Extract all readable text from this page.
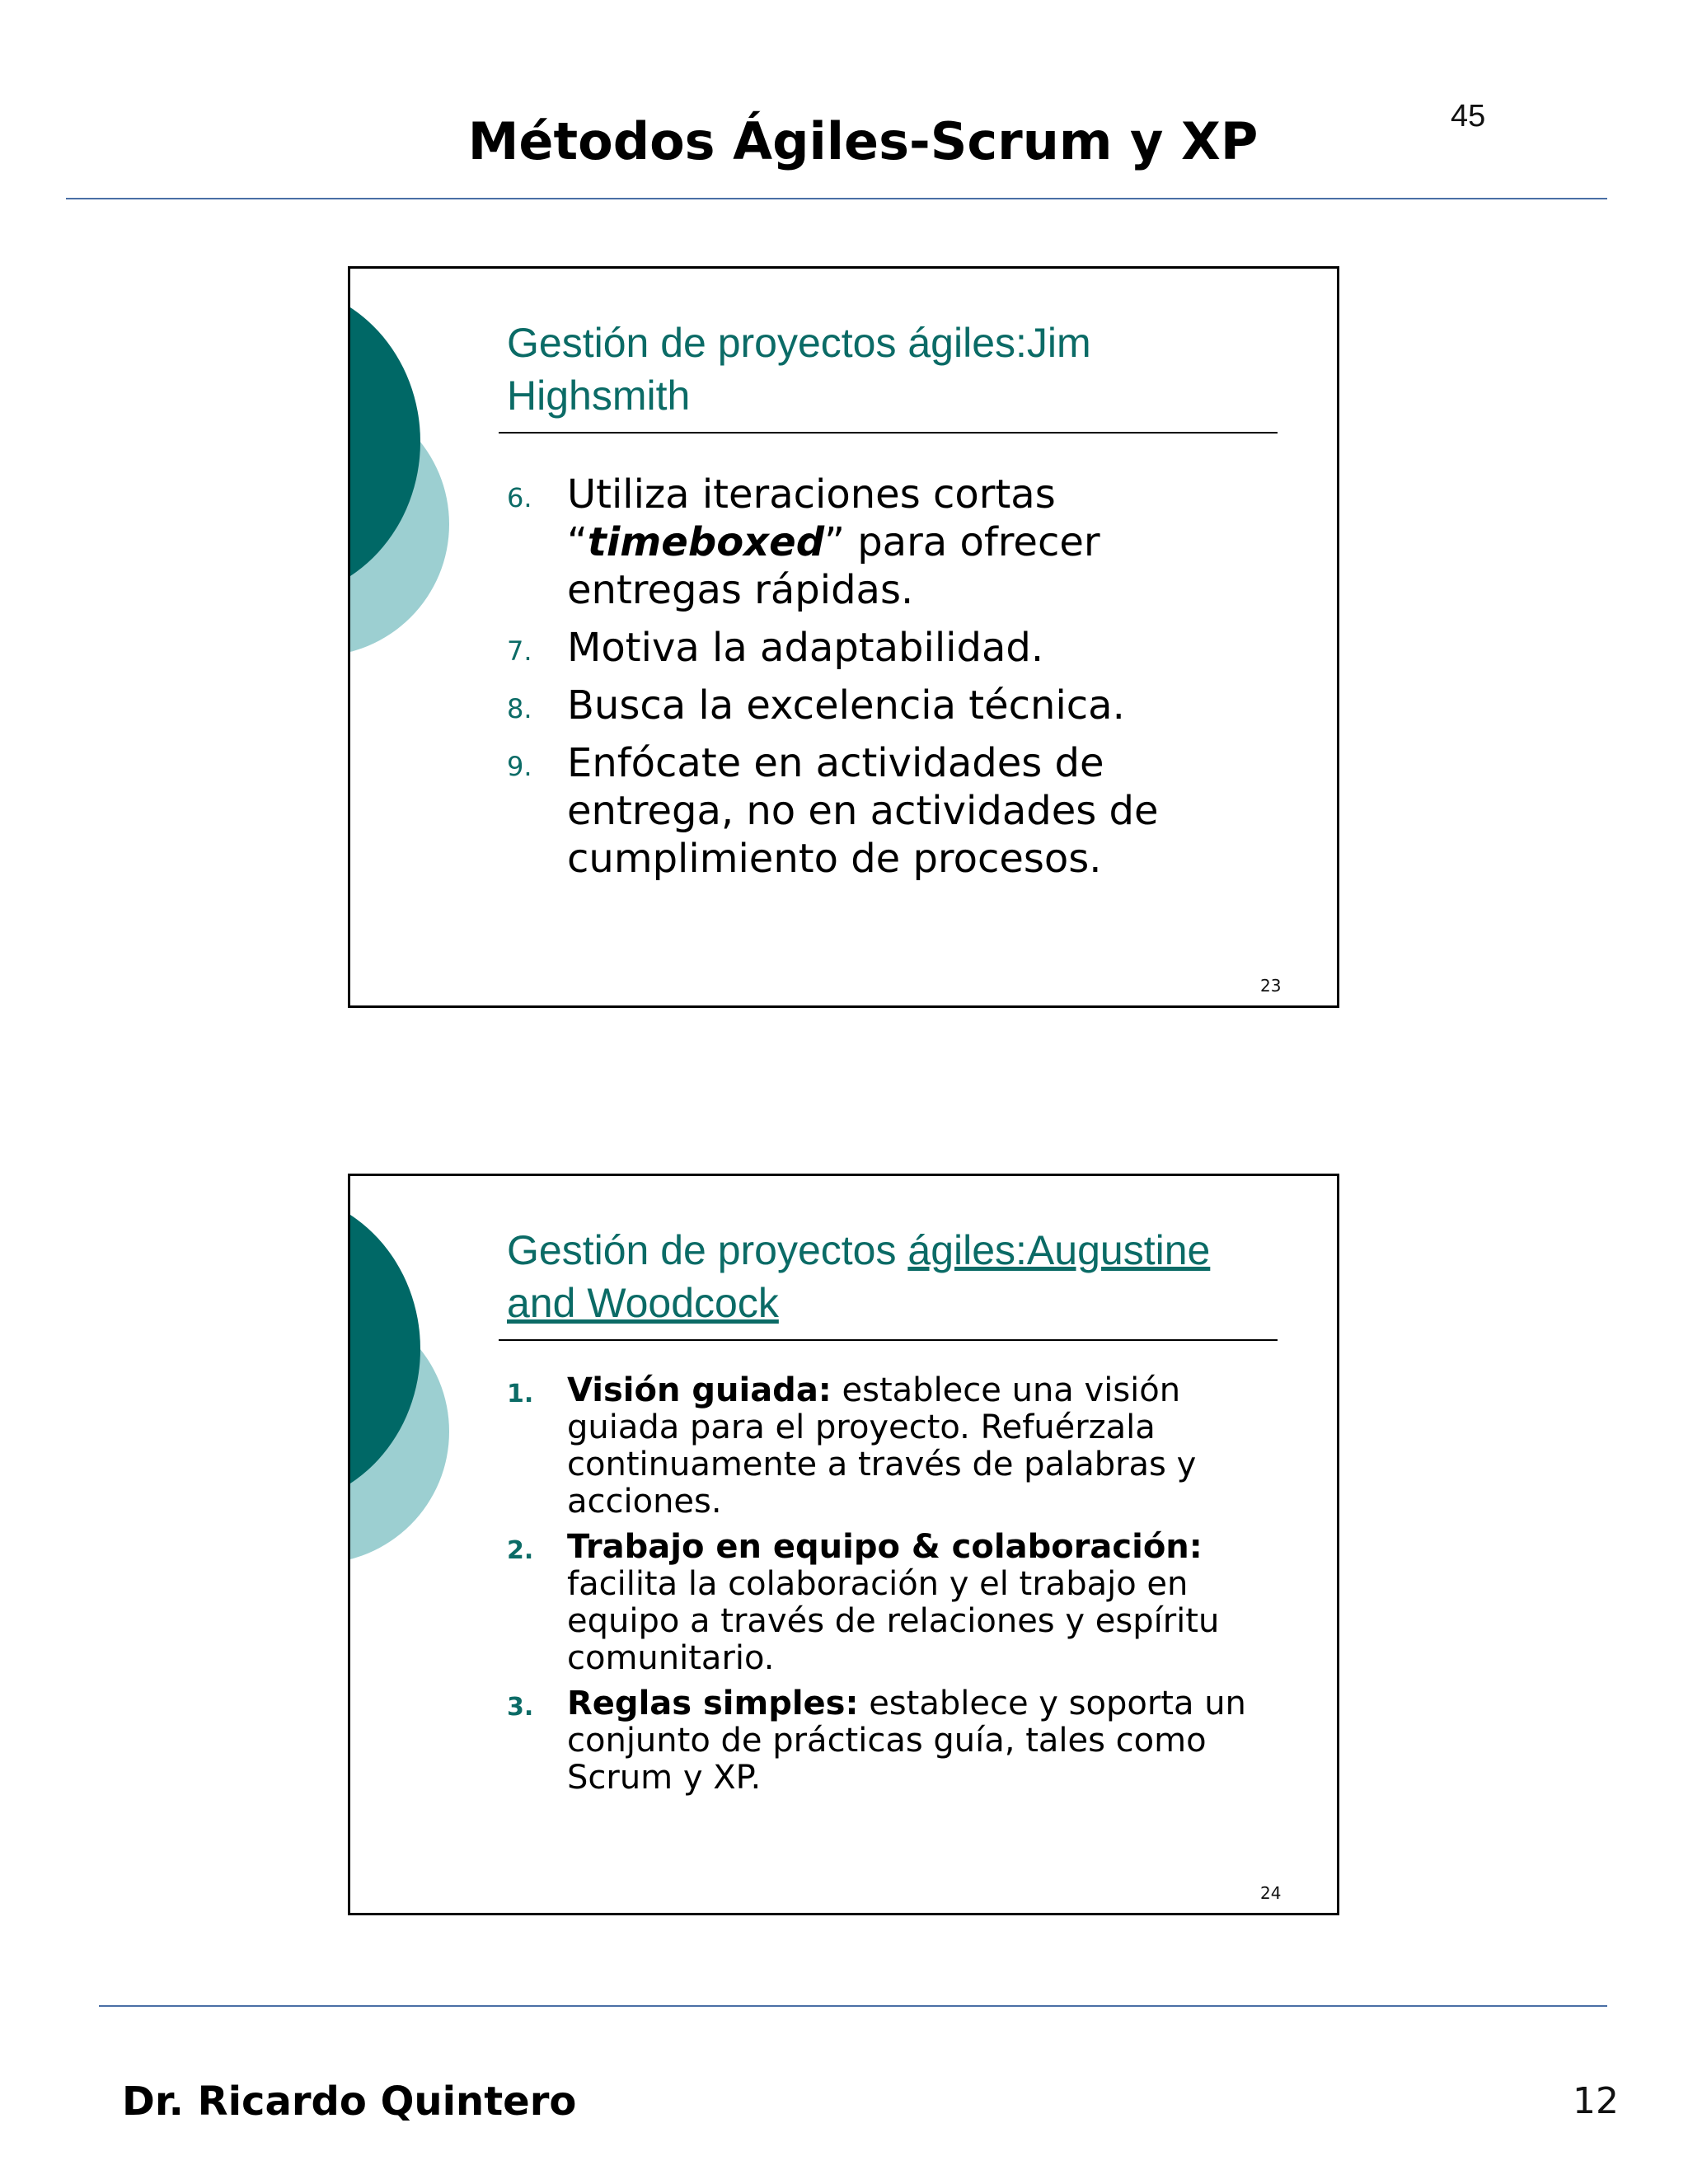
45
Métodos Ágiles-Scrum y XP
Gestión de proyectos ágiles:Jim Highsmith
6. Utiliza iteraciones cortas “timeboxed” para ofrecer entregas rápidas.
7. Motiva la adaptabilidad.
8. Busca la excelencia técnica.
9. Enfócate en actividades de entrega, no en actividades de cumplimiento de procesos.
23
Gestión de proyectos ágiles:Augustine and Woodcock
1. Visión guiada: establece una visión guiada para el proyecto. Refuérzala continuamente a través de palabras y acciones.
2. Trabajo en equipo & colaboración: facilita la colaboración y el trabajo en equipo a través de relaciones y espíritu comunitario.
3. Reglas simples: establece y soporta un conjunto de prácticas guía, tales como Scrum y XP.
24
Dr. Ricardo Quintero	12
